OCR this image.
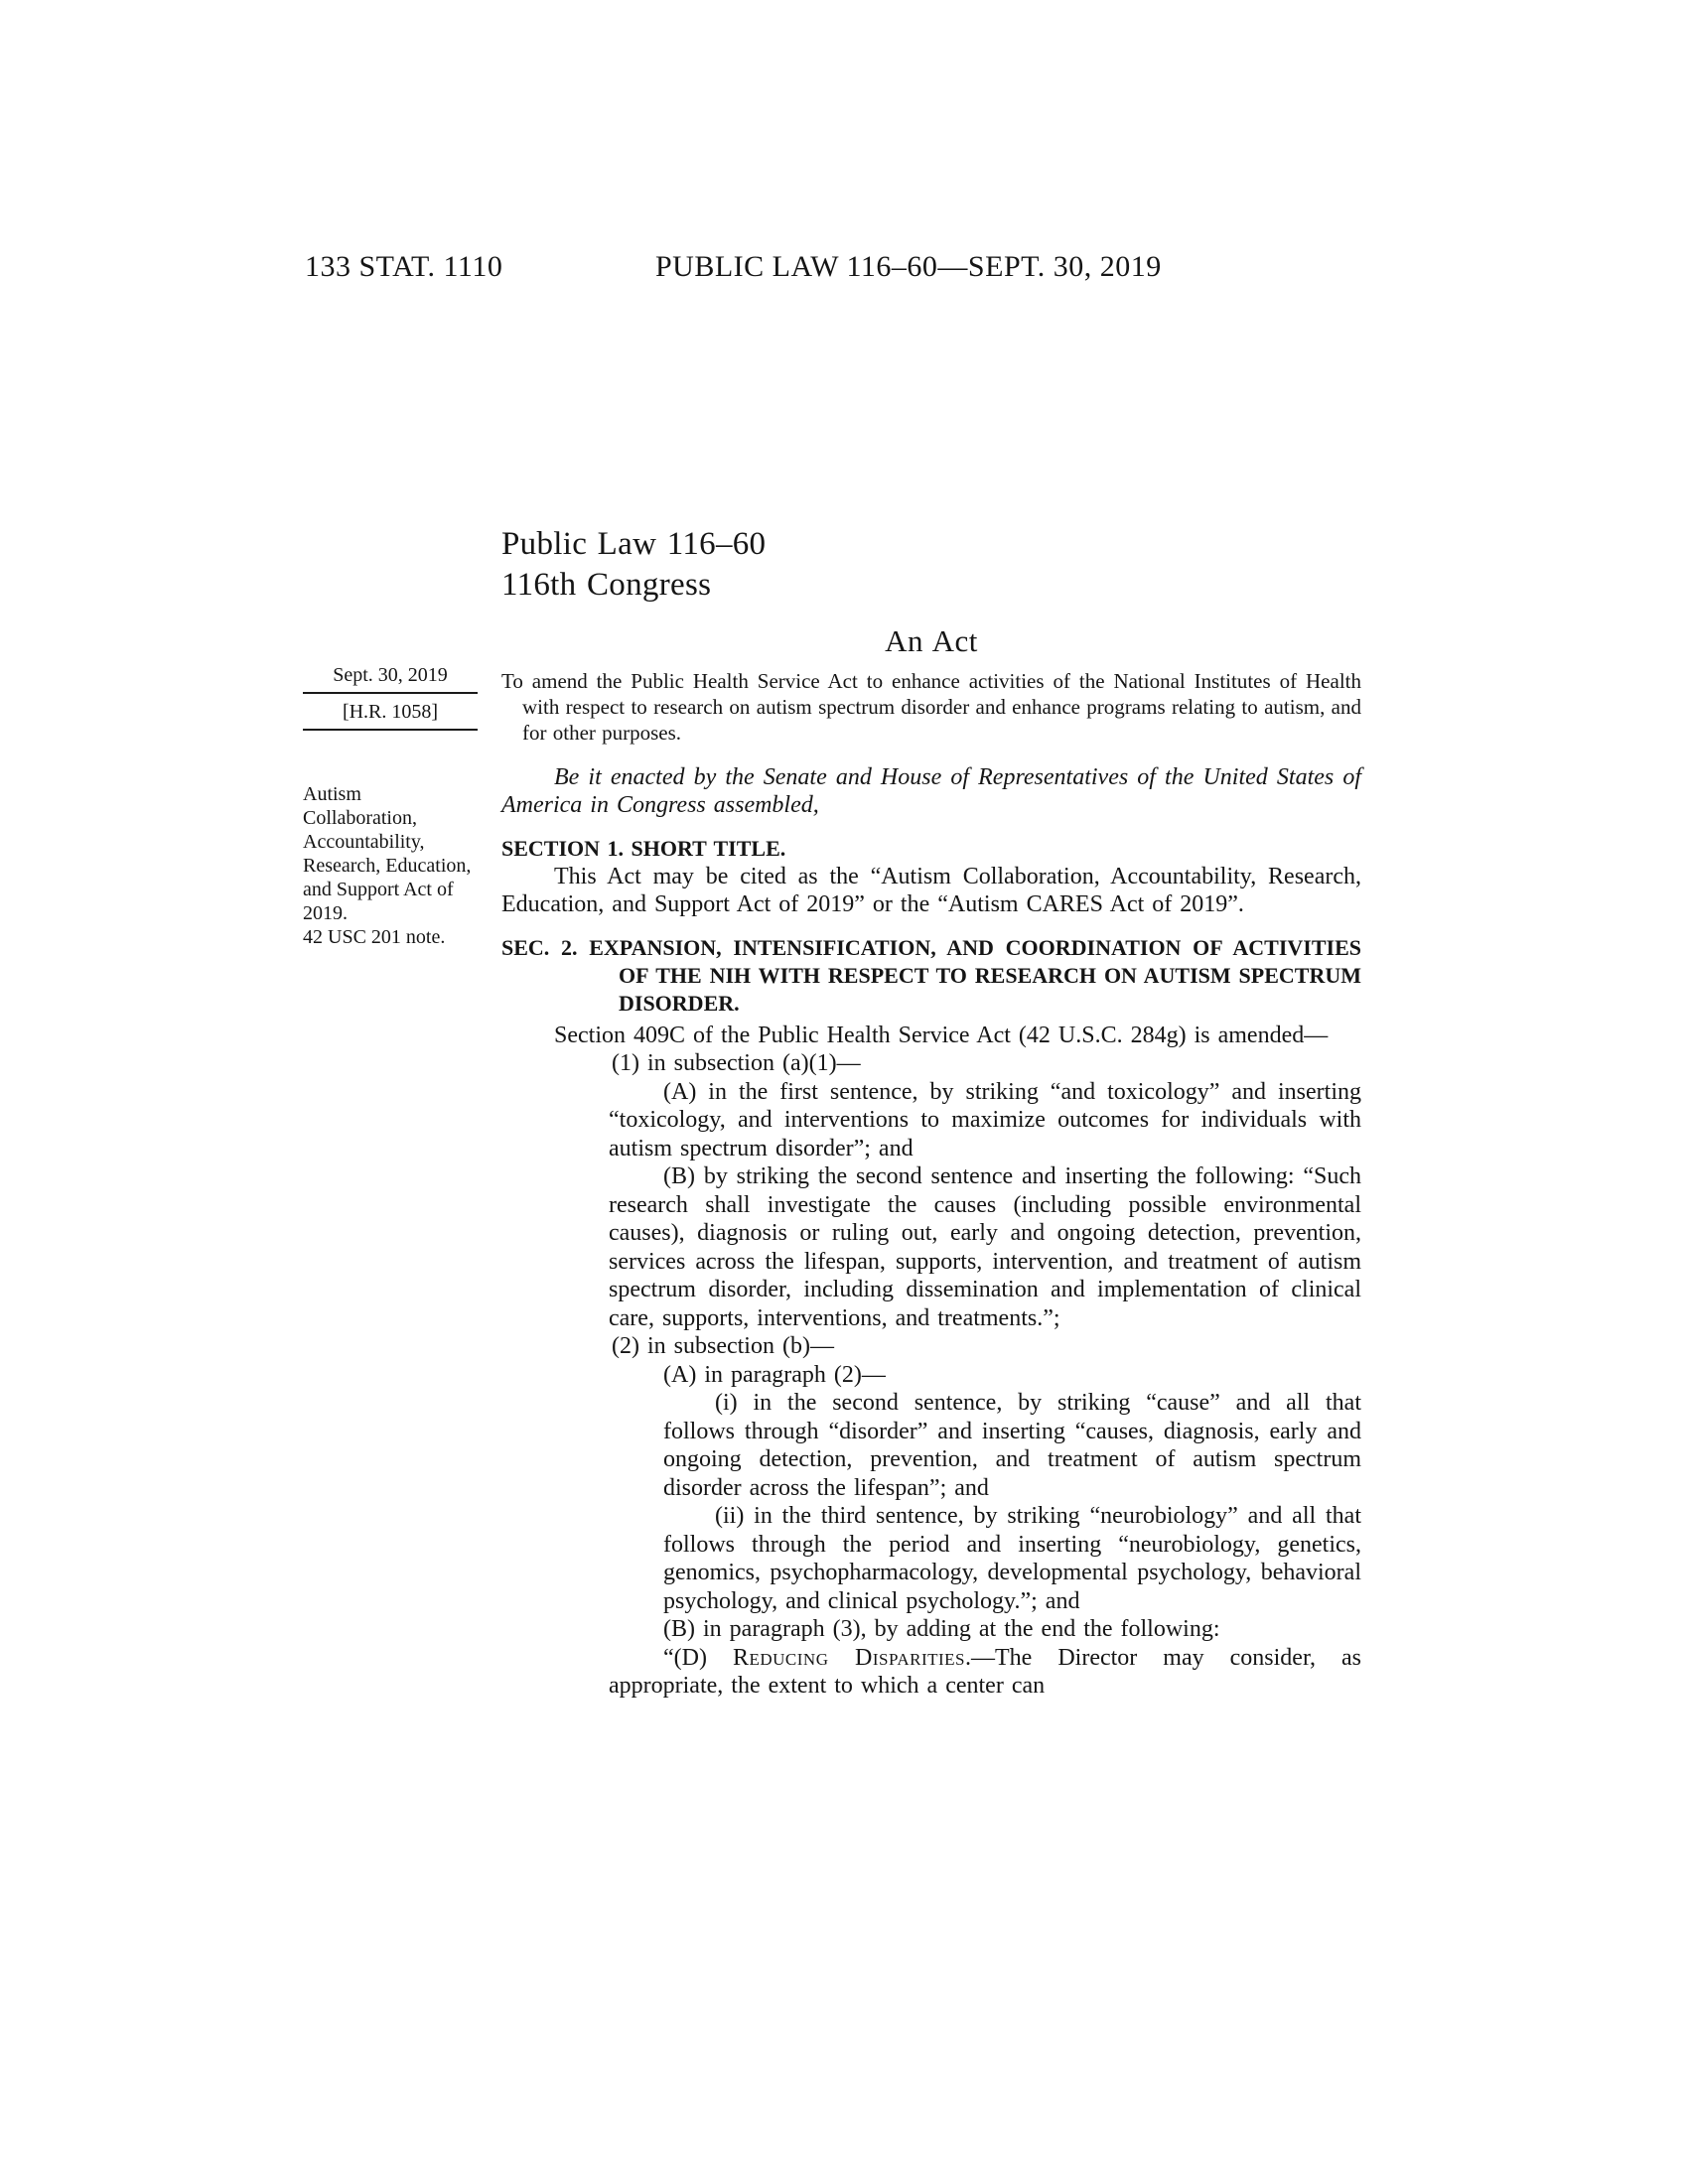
133 STAT. 1110	PUBLIC LAW 116–60—SEPT. 30, 2019
Sept. 30, 2019
[H.R. 1058]
Autism Collaboration, Accountability, Research, Education, and Support Act of 2019.
42 USC 201 note.
Public Law 116–60
116th Congress
An Act
To amend the Public Health Service Act to enhance activities of the National Institutes of Health with respect to research on autism spectrum disorder and enhance programs relating to autism, and for other purposes.

Be it enacted by the Senate and House of Representatives of the United States of America in Congress assembled,

SECTION 1. SHORT TITLE.

This Act may be cited as the “Autism Collaboration, Accountability, Research, Education, and Support Act of 2019” or the “Autism CARES Act of 2019”.

SEC. 2. EXPANSION, INTENSIFICATION, AND COORDINATION OF ACTIVITIES OF THE NIH WITH RESPECT TO RESEARCH ON AUTISM SPECTRUM DISORDER.

Section 409C of the Public Health Service Act (42 U.S.C. 284g) is amended—

(1) in subsection (a)(1)—

(A) in the first sentence, by striking “and toxicology” and inserting “toxicology, and interventions to maximize outcomes for individuals with autism spectrum disorder”; and

(B) by striking the second sentence and inserting the following: “Such research shall investigate the causes (including possible environmental causes), diagnosis or ruling out, early and ongoing detection, prevention, services across the lifespan, supports, intervention, and treatment of autism spectrum disorder, including dissemination and implementation of clinical care, supports, interventions, and treatments.”;

(2) in subsection (b)—

(A) in paragraph (2)—

(i) in the second sentence, by striking “cause” and all that follows through “disorder” and inserting “causes, diagnosis, early and ongoing detection, prevention, and treatment of autism spectrum disorder across the lifespan”; and

(ii) in the third sentence, by striking “neurobiology” and all that follows through the period and inserting “neurobiology, genetics, genomics, psychopharmacology, developmental psychology, behavioral psychology, and clinical psychology.”; and

(B) in paragraph (3), by adding at the end the following:

“(D) Reducing Disparities.—The Director may consider, as appropriate, the extent to which a center can
